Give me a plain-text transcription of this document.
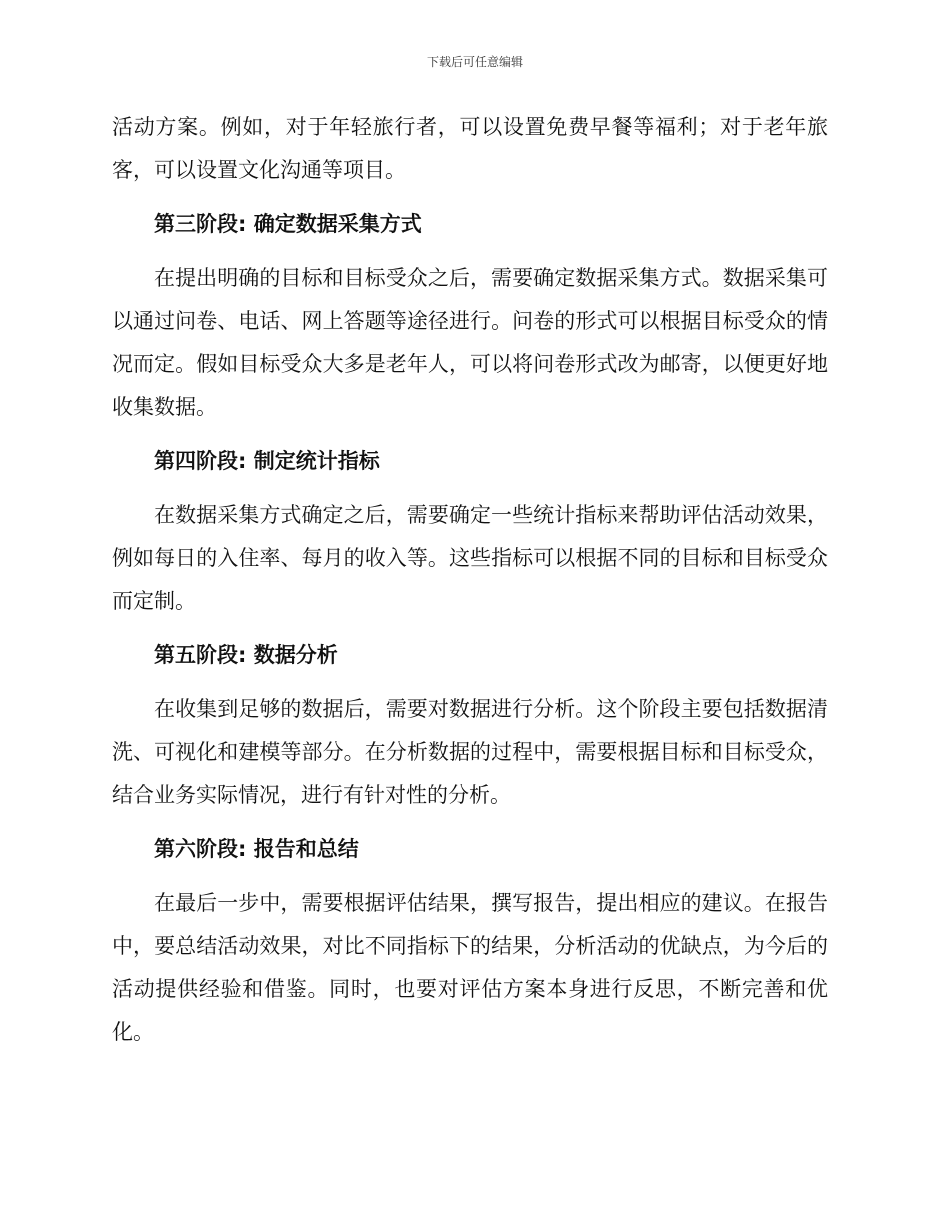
下载后可任意编辑

活动方案。例如，对于年轻旅行者，可以设置免费早餐等福利；对于老年旅客，可以设置文化沟通等项目。

第三阶段: 确定数据采集方式

在提出明确的目标和目标受众之后，需要确定数据采集方式。数据采集可以通过问卷、电话、网上答题等途径进行。问卷的形式可以根据目标受众的情况而定。假如目标受众大多是老年人，可以将问卷形式改为邮寄，以便更好地收集数据。

第四阶段: 制定统计指标

在数据采集方式确定之后，需要确定一些统计指标来帮助评估活动效果，例如每日的入住率、每月的收入等。这些指标可以根据不同的目标和目标受众而定制。

第五阶段: 数据分析

在收集到足够的数据后，需要对数据进行分析。这个阶段主要包括数据清洗、可视化和建模等部分。在分析数据的过程中，需要根据目标和目标受众，结合业务实际情况，进行有针对性的分析。

第六阶段: 报告和总结

在最后一步中，需要根据评估结果，撰写报告，提出相应的建议。在报告中，要总结活动效果，对比不同指标下的结果，分析活动的优缺点，为今后的活动提供经验和借鉴。同时，也要对评估方案本身进行反思，不断完善和优化。
